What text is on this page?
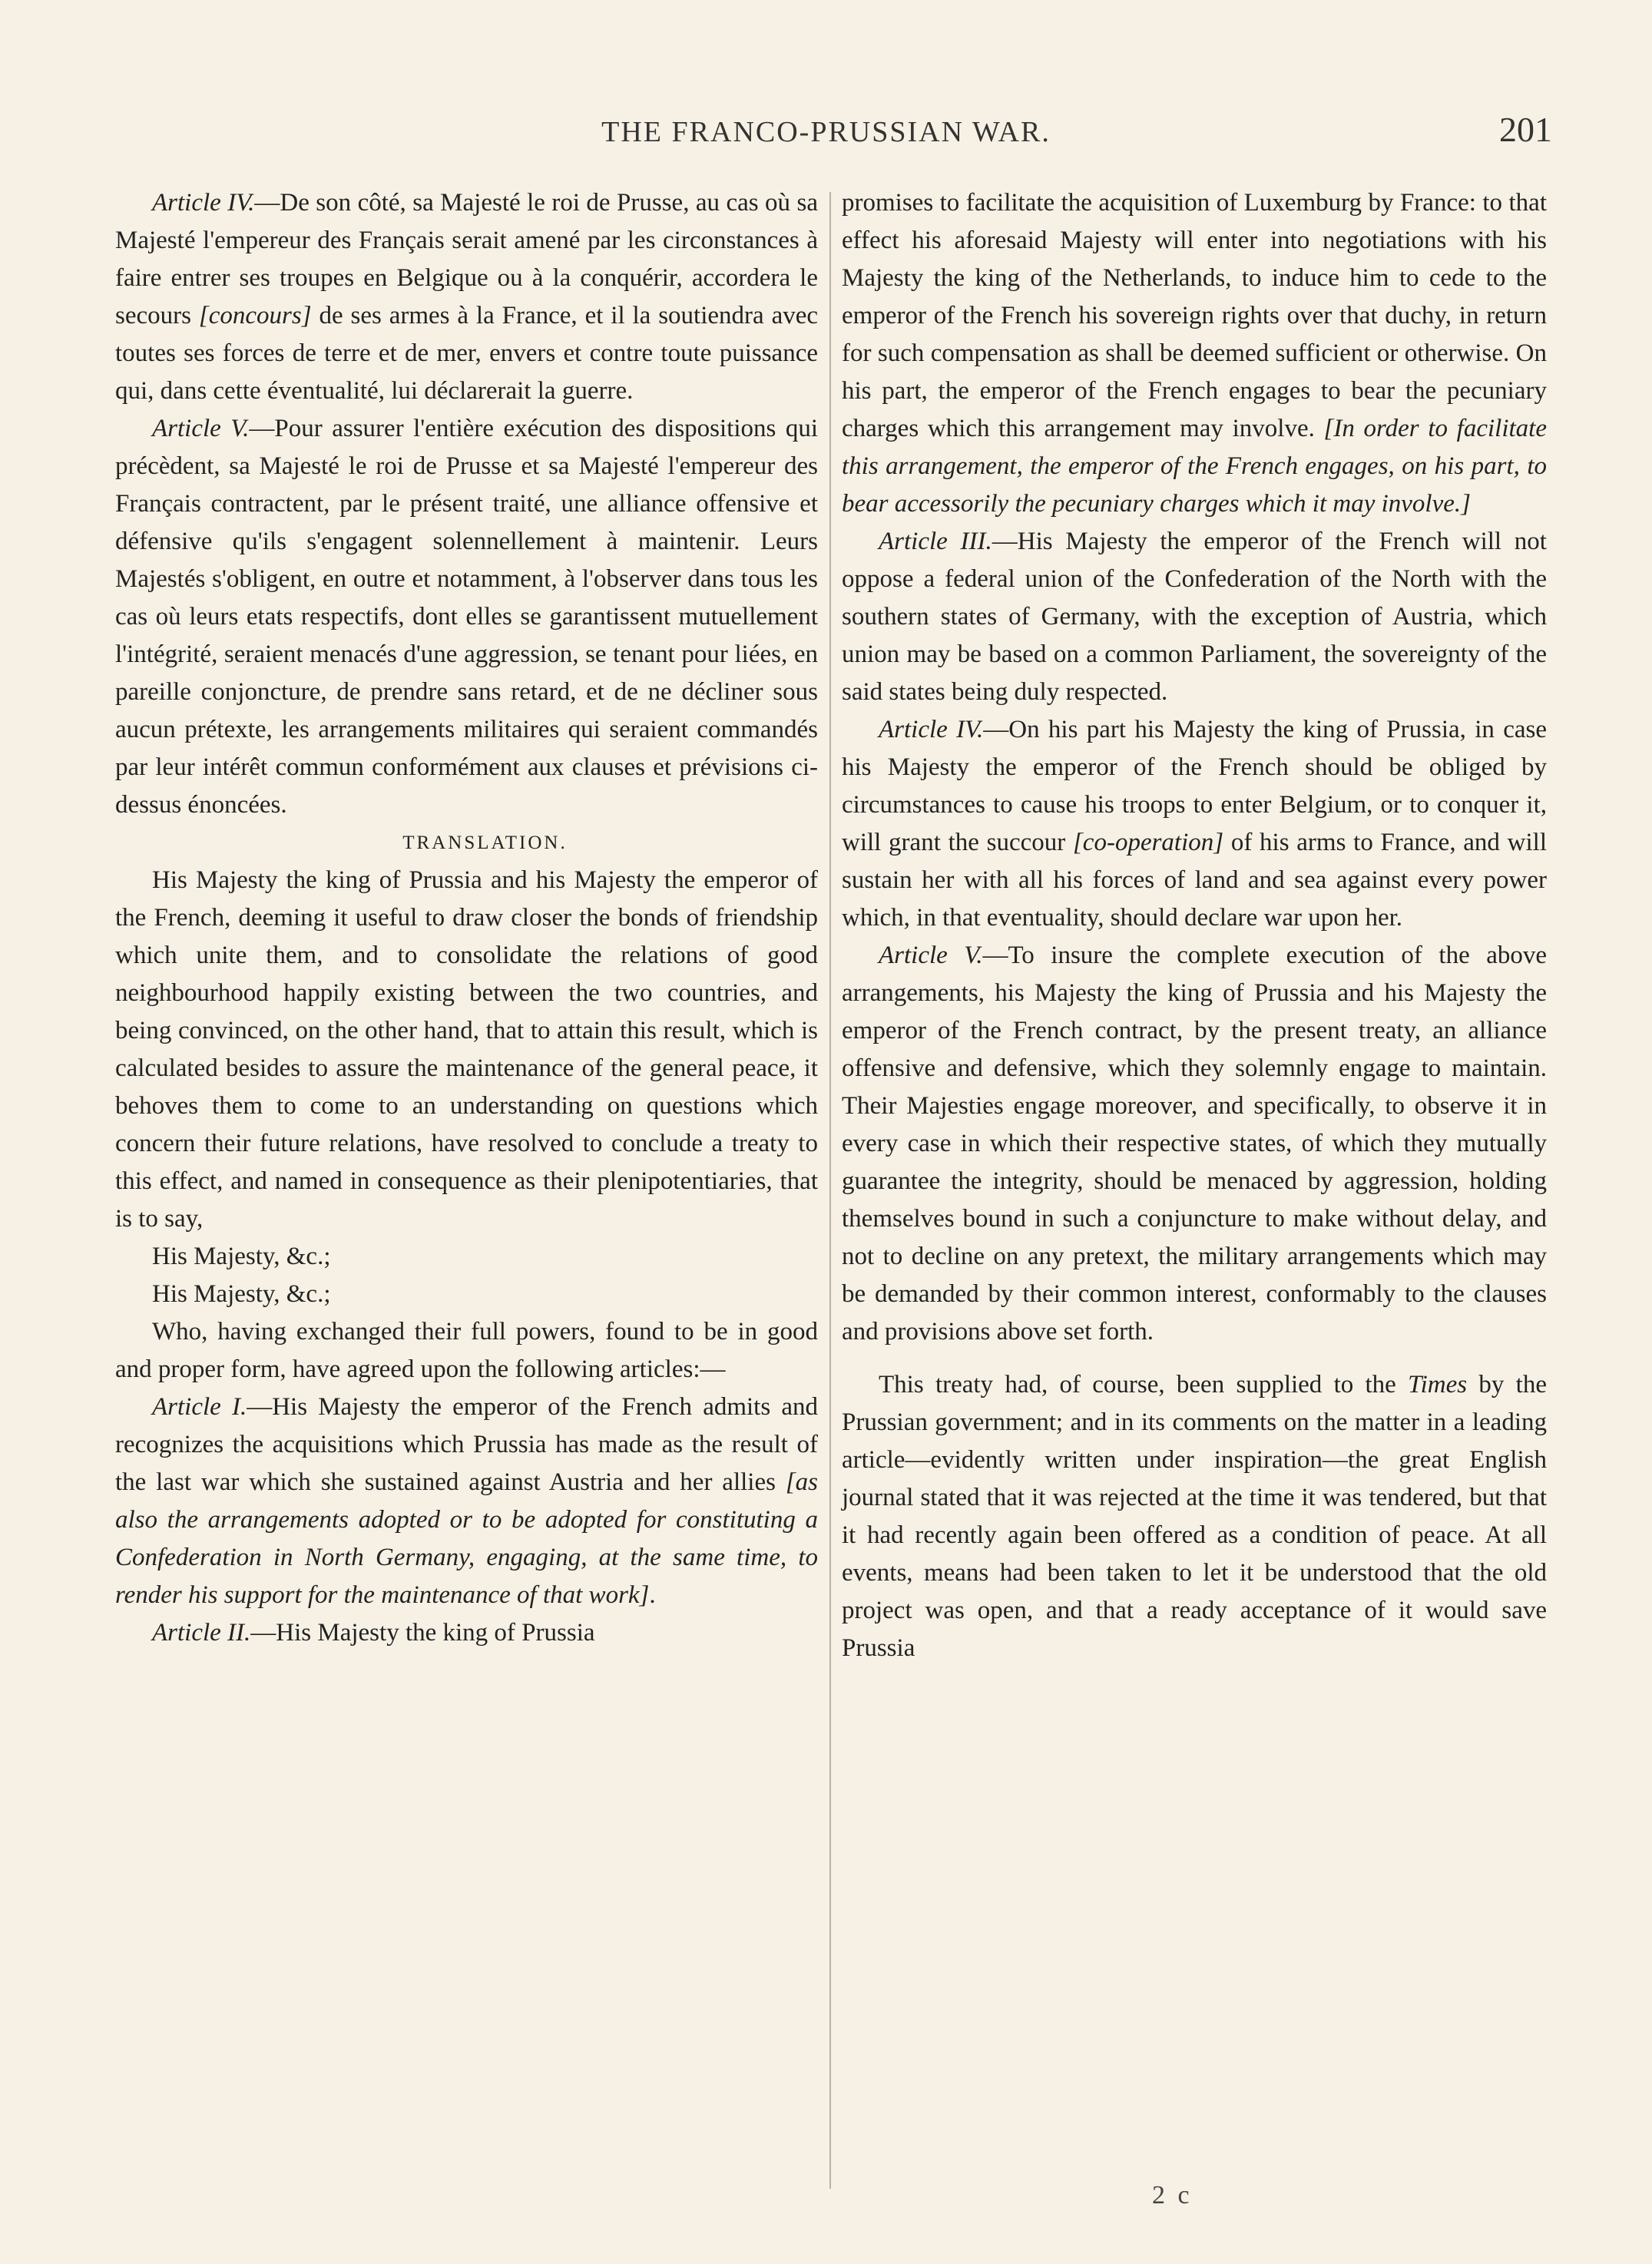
THE FRANCO-PRUSSIAN WAR.	201

Article IV.—De son côté, sa Majesté le roi de Prusse, au cas où sa Majesté l'empereur des Français serait amené par les circonstances à faire entrer ses troupes en Belgique ou à la conquérir, accordera le secours [concours] de ses armes à la France, et il la soutiendra avec toutes ses forces de terre et de mer, envers et contre toute puissance qui, dans cette éventualité, lui déclarerait la guerre.

Article V.—Pour assurer l'entière exécution des dispositions qui précèdent, sa Majesté le roi de Prusse et sa Majesté l'empereur des Français contractent, par le présent traité, une alliance offensive et défensive qu'ils s'engagent solennellement à maintenir. Leurs Majestés s'obligent, en outre et notamment, à l'observer dans tous les cas où leurs etats respectifs, dont elles se garantissent mutuellement l'intégrité, seraient menacés d'une aggression, se tenant pour liées, en pareille conjoncture, de prendre sans retard, et de ne décliner sous aucun prétexte, les arrangements militaires qui seraient commandés par leur intérêt commun conformément aux clauses et prévisions ci-dessus énoncées.

TRANSLATION.

His Majesty the king of Prussia and his Majesty the emperor of the French, deeming it useful to draw closer the bonds of friendship which unite them, and to consolidate the relations of good neighbourhood happily existing between the two countries, and being convinced, on the other hand, that to attain this result, which is calculated besides to assure the maintenance of the general peace, it behoves them to come to an understanding on questions which concern their future relations, have resolved to conclude a treaty to this effect, and named in consequence as their plenipotentiaries, that is to say,

His Majesty, &c.;

His Majesty, &c.;

Who, having exchanged their full powers, found to be in good and proper form, have agreed upon the following articles:—

Article I.—His Majesty the emperor of the French admits and recognizes the acquisitions which Prussia has made as the result of the last war which she sustained against Austria and her allies [as also the arrangements adopted or to be adopted for constituting a Confederation in North Germany, engaging, at the same time, to render his support for the maintenance of that work].

Article II.—His Majesty the king of Prussia

promises to facilitate the acquisition of Luxemburg by France: to that effect his aforesaid Majesty will enter into negotiations with his Majesty the king of the Netherlands, to induce him to cede to the emperor of the French his sovereign rights over that duchy, in return for such compensation as shall be deemed sufficient or otherwise. On his part, the emperor of the French engages to bear the pecuniary charges which this arrangement may involve. [In order to facilitate this arrangement, the emperor of the French engages, on his part, to bear accessorily the pecuniary charges which it may involve.]

Article III.—His Majesty the emperor of the French will not oppose a federal union of the Confederation of the North with the southern states of Germany, with the exception of Austria, which union may be based on a common Parliament, the sovereignty of the said states being duly respected.

Article IV.—On his part his Majesty the king of Prussia, in case his Majesty the emperor of the French should be obliged by circumstances to cause his troops to enter Belgium, or to conquer it, will grant the succour [co-operation] of his arms to France, and will sustain her with all his forces of land and sea against every power which, in that eventuality, should declare war upon her.

Article V.—To insure the complete execution of the above arrangements, his Majesty the king of Prussia and his Majesty the emperor of the French contract, by the present treaty, an alliance offensive and defensive, which they solemnly engage to maintain. Their Majesties engage moreover, and specifically, to observe it in every case in which their respective states, of which they mutually guarantee the integrity, should be menaced by aggression, holding themselves bound in such a conjuncture to make without delay, and not to decline on any pretext, the military arrangements which may be demanded by their common interest, conformably to the clauses and provisions above set forth.

This treaty had, of course, been supplied to the Times by the Prussian government; and in its comments on the matter in a leading article—evidently written under inspiration—the great English journal stated that it was rejected at the time it was tendered, but that it had recently again been offered as a condition of peace. At all events, means had been taken to let it be understood that the old project was open, and that a ready acceptance of it would save Prussia

2 c
